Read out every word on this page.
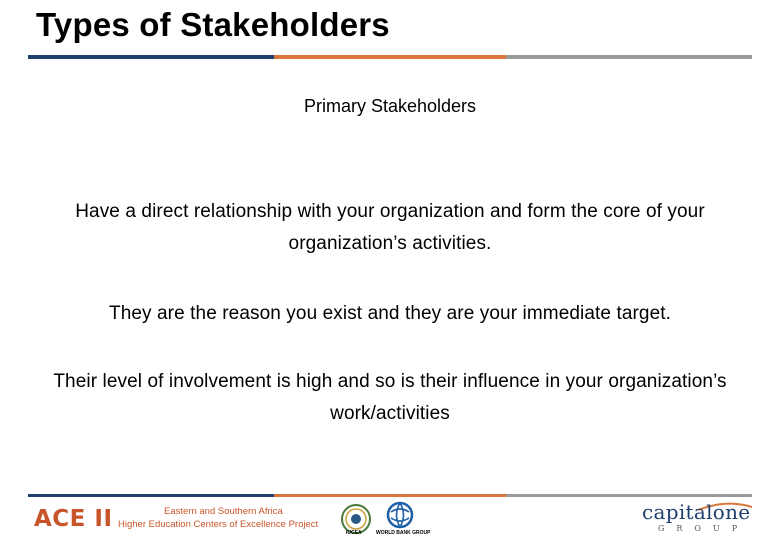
Types of Stakeholders
Primary Stakeholders
Have a direct relationship with your organization and form the core of your organization’s activities.
They are the reason you exist and they are your immediate target.
Their level of involvement is high and so is their influence in your organization’s work/activities
ACE II	Eastern and Southern Africa
Higher Education Centers of Excellence Project
IUCEA	WORLD BANK GROUP
capitalone
GROUP
